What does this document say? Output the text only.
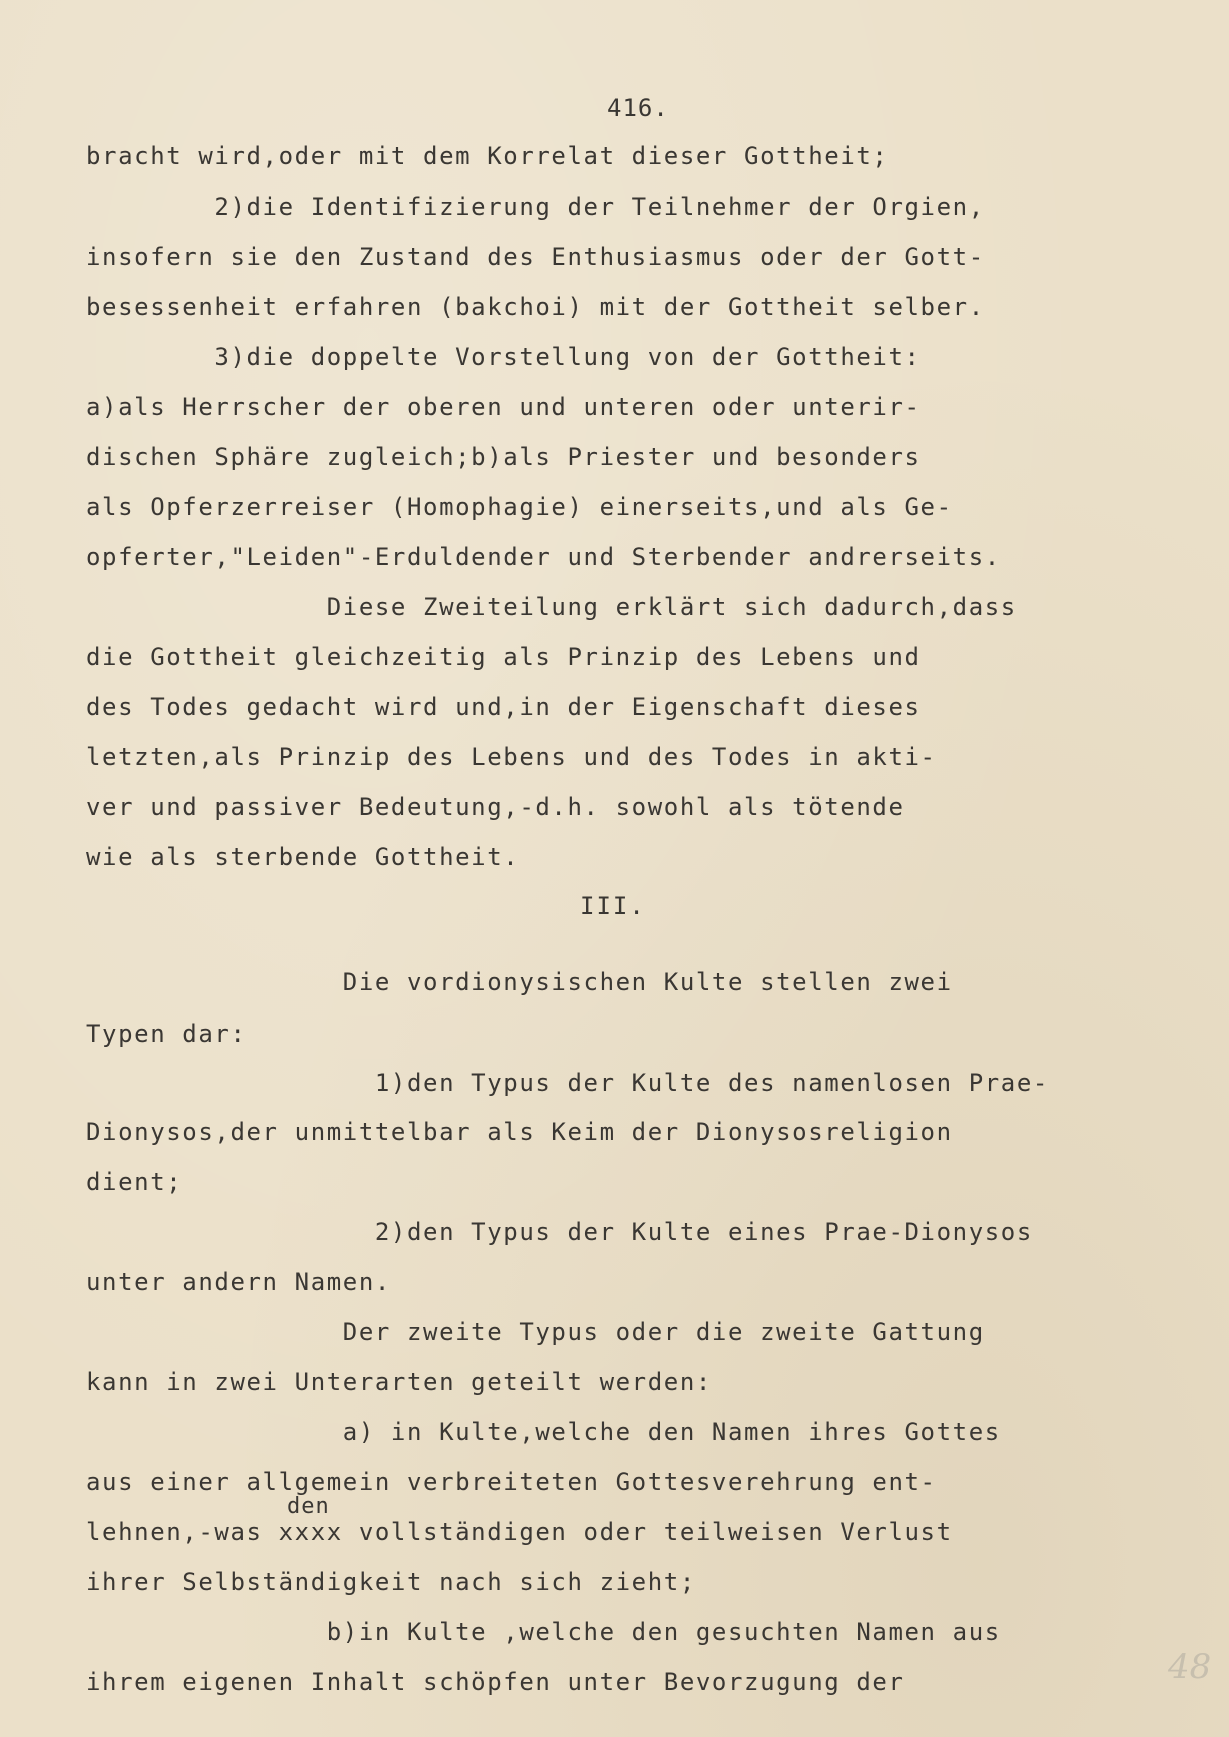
416.
bracht wird,oder mit dem Korrelat dieser Gottheit;
2)die Identifizierung der Teilnehmer der Orgien,
insofern sie den Zustand des Enthusiasmus oder der Gott-
besessenheit erfahren (bakchoi) mit der Gottheit selber.
3)die doppelte Vorstellung von der Gottheit:
a)als Herrscher der oberen und unteren oder unterir-
dischen Sphäre zugleich;b)als Priester und besonders
als Opferzerreiser (Homophagie) einerseits,und als Ge-
opferter,"Leiden"-Erduldender und Sterbender andrerseits.
Diese Zweiteilung erklärt sich dadurch,dass
die Gottheit gleichzeitig als Prinzip des Lebens und
des Todes gedacht wird und,in der Eigenschaft dieses
letzten,als Prinzip des Lebens und des Todes in akti-
ver und passiver Bedeutung,-d.h. sowohl als tötende
wie als sterbende Gottheit.
III.
Die vordionysischen Kulte stellen zwei
Typen dar:
1)den Typus der Kulte des namenlosen Prae-
Dionysos,der unmittelbar als Keim der Dionysosreligion
dient;
2)den Typus der Kulte eines Prae-Dionysos
unter andern Namen.
Der zweite Typus oder die zweite Gattung
kann in zwei Unterarten geteilt werden:
a) in Kulte,welche den Namen ihres Gottes
aus einer allgemein verbreiteten Gottesverehrung ent-
den
lehnen,-was xxxx vollständigen oder teilweisen Verlust
ihrer Selbständigkeit nach sich zieht;
b)in Kulte ,welche den gesuchten Namen aus
ihrem eigenen Inhalt schöpfen unter Bevorzugung der	48
